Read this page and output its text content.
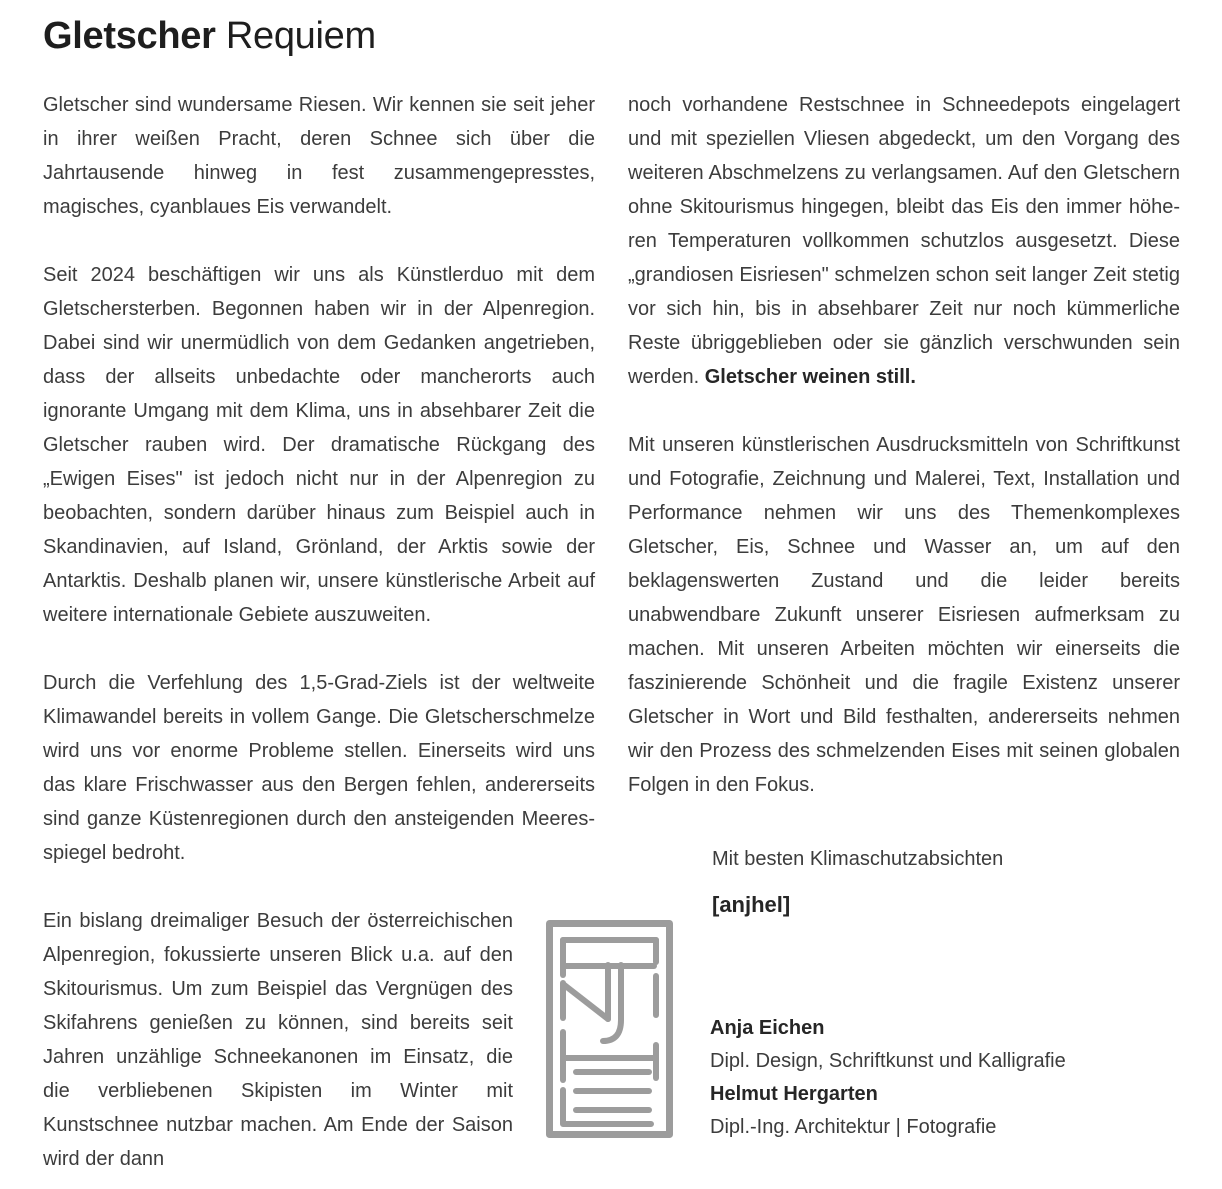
Gletscher Requiem

Gletscher sind wundersame Riesen. Wir kennen sie seit jeher in ihrer weißen Pracht, deren Schnee sich über die Jahrtausende hinweg in fest zusammengepresstes, magisches, cyanblaues Eis verwandelt.

Seit 2024 beschäftigen wir uns als Künstlerduo mit dem Gletschersterben. Begonnen haben wir in der Alpenregion. Dabei sind wir unermüdlich von dem Gedanken angetrieben, dass der allseits unbedachte oder mancherorts auch ignorante Umgang mit dem Klima, uns in absehbarer Zeit die Gletscher rauben wird. Der dramatische Rückgang des „Ewigen Eises" ist jedoch nicht nur in der Alpenregion zu beobachten, sondern darüber hinaus zum Beispiel auch in Skandinavien, auf Island, Grönland, der Arktis sowie der Antarktis. Deshalb planen wir, unsere künstlerische Arbeit auf weitere internationale Gebiete auszuweiten.

Durch die Verfehlung des 1,5-Grad-Ziels ist der weltweite Klimawandel bereits in vollem Gange. Die Gletscherschmelze wird uns vor enorme Probleme stellen. Einerseits wird uns das klare Frischwasser aus den Bergen fehlen, andererseits sind ganze Küstenregionen durch den ansteigenden Meeresspiegel bedroht.

Ein bislang dreimaliger Besuch der österreichischen Alpenregion, fokussierte unseren Blick u.a. auf den Skitourismus. Um zum Beispiel das Vergnügen des Skifahrens genießen zu können, sind bereits seit Jahren unzählige Schneekanonen im Einsatz, die die verbliebenen Skipisten im Winter mit Kunstschnee nutzbar machen. Am Ende der Saison wird der dann

noch vorhandene Restschnee in Schneedepots eingelagert und mit speziellen Vliesen abgedeckt, um den Vorgang des weiteren Abschmelzens zu verlangsamen. Auf den Gletschern ohne Skitourismus hingegen, bleibt das Eis den immer höheren Temperaturen vollkommen schutzlos ausgesetzt. Diese „grandiosen Eisriesen" schmelzen schon seit langer Zeit stetig vor sich hin, bis in absehbarer Zeit nur noch kümmerliche Reste übriggeblieben oder sie gänzlich verschwunden sein werden. Gletscher weinen still.

Mit unseren künstlerischen Ausdrucksmitteln von Schriftkunst und Fotografie, Zeichnung und Malerei, Text, Installation und Performance nehmen wir uns des Themenkomplexes Gletscher, Eis, Schnee und Wasser an, um auf den beklagenswerten Zustand und die leider bereits unabwendbare Zukunft unserer Eisriesen aufmerksam zu machen. Mit unseren Arbeiten möchten wir einerseits die faszinierende Schönheit und die fragile Existenz unserer Gletscher in Wort und Bild festhalten, andererseits nehmen wir den Prozess des schmelzenden Eises mit seinen globalen Folgen in den Fokus.

Mit besten Klimaschutzabsichten

[anjhel]

Anja Eichen
Dipl. Design, Schriftkunst und Kalligrafie
Helmut Hergarten
Dipl.-Ing. Architektur | Fotografie
